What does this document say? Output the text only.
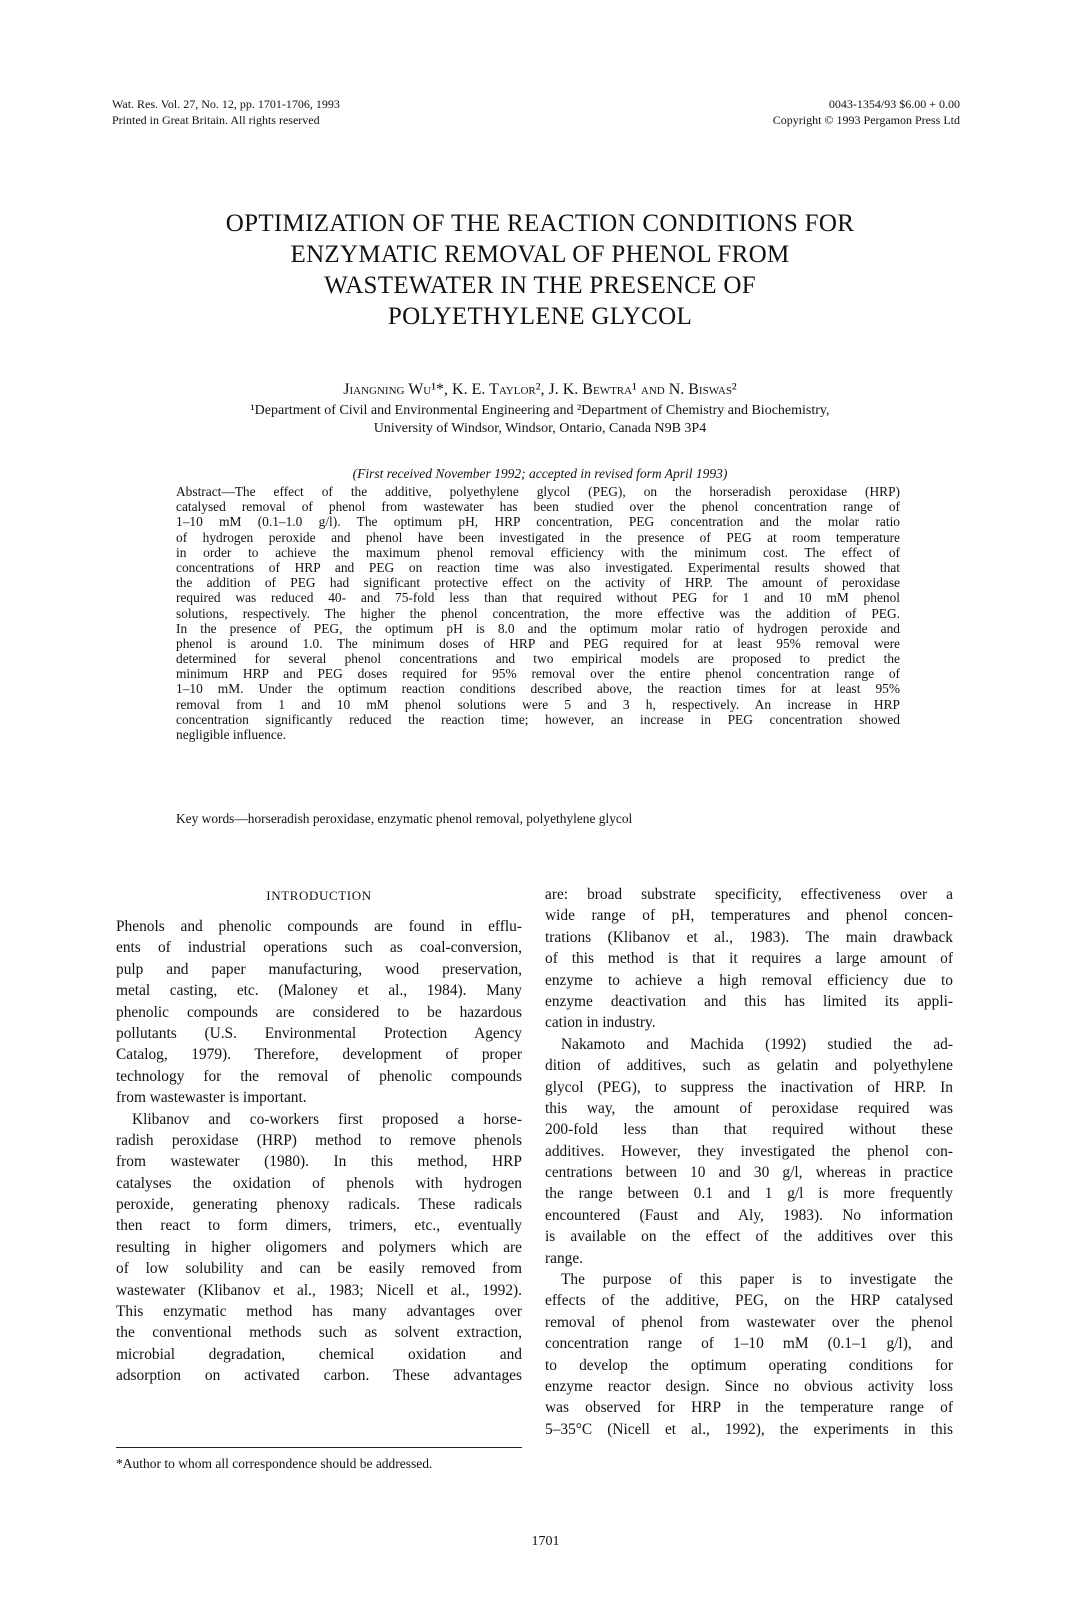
Wat. Res. Vol. 27, No. 12, pp. 1701-1706, 1993
Printed in Great Britain. All rights reserved
0043-1354/93 $6.00 + 0.00
Copyright © 1993 Pergamon Press Ltd
OPTIMIZATION OF THE REACTION CONDITIONS FOR
ENZYMATIC REMOVAL OF PHENOL FROM
WASTEWATER IN THE PRESENCE OF
POLYETHYLENE GLYCOL
Jiangning Wu¹*, K. E. Taylor², J. K. Bewtra¹ and N. Biswas²
¹Department of Civil and Environmental Engineering and ²Department of Chemistry and Biochemistry,
University of Windsor, Windsor, Ontario, Canada N9B 3P4
(First received November 1992; accepted in revised form April 1993)
Abstract—The effect of the additive, polyethylene glycol (PEG), on the horseradish peroxidase (HRP)
catalysed removal of phenol from wastewater has been studied over the phenol concentration range of
1–10 mM (0.1–1.0 g/l). The optimum pH, HRP concentration, PEG concentration and the molar ratio
of hydrogen peroxide and phenol have been investigated in the presence of PEG at room temperature
in order to achieve the maximum phenol removal efficiency with the minimum cost. The effect of
concentrations of HRP and PEG on reaction time was also investigated. Experimental results showed that
the addition of PEG had significant protective effect on the activity of HRP. The amount of peroxidase
required was reduced 40- and 75-fold less than that required without PEG for 1 and 10 mM phenol
solutions, respectively. The higher the phenol concentration, the more effective was the addition of PEG.
In the presence of PEG, the optimum pH is 8.0 and the optimum molar ratio of hydrogen peroxide and
phenol is around 1.0. The minimum doses of HRP and PEG required for at least 95% removal were
determined for several phenol concentrations and two empirical models are proposed to predict the
minimum HRP and PEG doses required for 95% removal over the entire phenol concentration range of
1–10 mM. Under the optimum reaction conditions described above, the reaction times for at least 95%
removal from 1 and 10 mM phenol solutions were 5 and 3 h, respectively. An increase in HRP
concentration significantly reduced the reaction time; however, an increase in PEG concentration showed
negligible influence.
Key words—horseradish peroxidase, enzymatic phenol removal, polyethylene glycol
INTRODUCTION
Phenols and phenolic compounds are found in efflu-
ents of industrial operations such as coal-conversion,
pulp and paper manufacturing, wood preservation,
metal casting, etc. (Maloney et al., 1984). Many
phenolic compounds are considered to be hazardous
pollutants (U.S. Environmental Protection Agency
Catalog, 1979). Therefore, development of proper
technology for the removal of phenolic compounds
from wastewaster is important.
Klibanov and co-workers first proposed a horse-
radish peroxidase (HRP) method to remove phenols
from wastewater (1980). In this method, HRP
catalyses the oxidation of phenols with hydrogen
peroxide, generating phenoxy radicals. These radicals
then react to form dimers, trimers, etc., eventually
resulting in higher oligomers and polymers which are
of low solubility and can be easily removed from
wastewater (Klibanov et al., 1983; Nicell et al., 1992).
This enzymatic method has many advantages over
the conventional methods such as solvent extraction,
microbial degradation, chemical oxidation and
adsorption on activated carbon. These advantages
are: broad substrate specificity, effectiveness over a
wide range of pH, temperatures and phenol concen-
trations (Klibanov et al., 1983). The main drawback
of this method is that it requires a large amount of
enzyme to achieve a high removal efficiency due to
enzyme deactivation and this has limited its appli-
cation in industry.
Nakamoto and Machida (1992) studied the ad-
dition of additives, such as gelatin and polyethylene
glycol (PEG), to suppress the inactivation of HRP. In
this way, the amount of peroxidase required was
200-fold less than that required without these
additives. However, they investigated the phenol con-
centrations between 10 and 30 g/l, whereas in practice
the range between 0.1 and 1 g/l is more frequently
encountered (Faust and Aly, 1983). No information
is available on the effect of the additives over this
range.
The purpose of this paper is to investigate the
effects of the additive, PEG, on the HRP catalysed
removal of phenol from wastewater over the phenol
concentration range of 1–10 mM (0.1–1 g/l), and
to develop the optimum operating conditions for
enzyme reactor design. Since no obvious activity loss
was observed for HRP in the temperature range of
5–35°C (Nicell et al., 1992), the experiments in this
*Author to whom all correspondence should be addressed.
1701
